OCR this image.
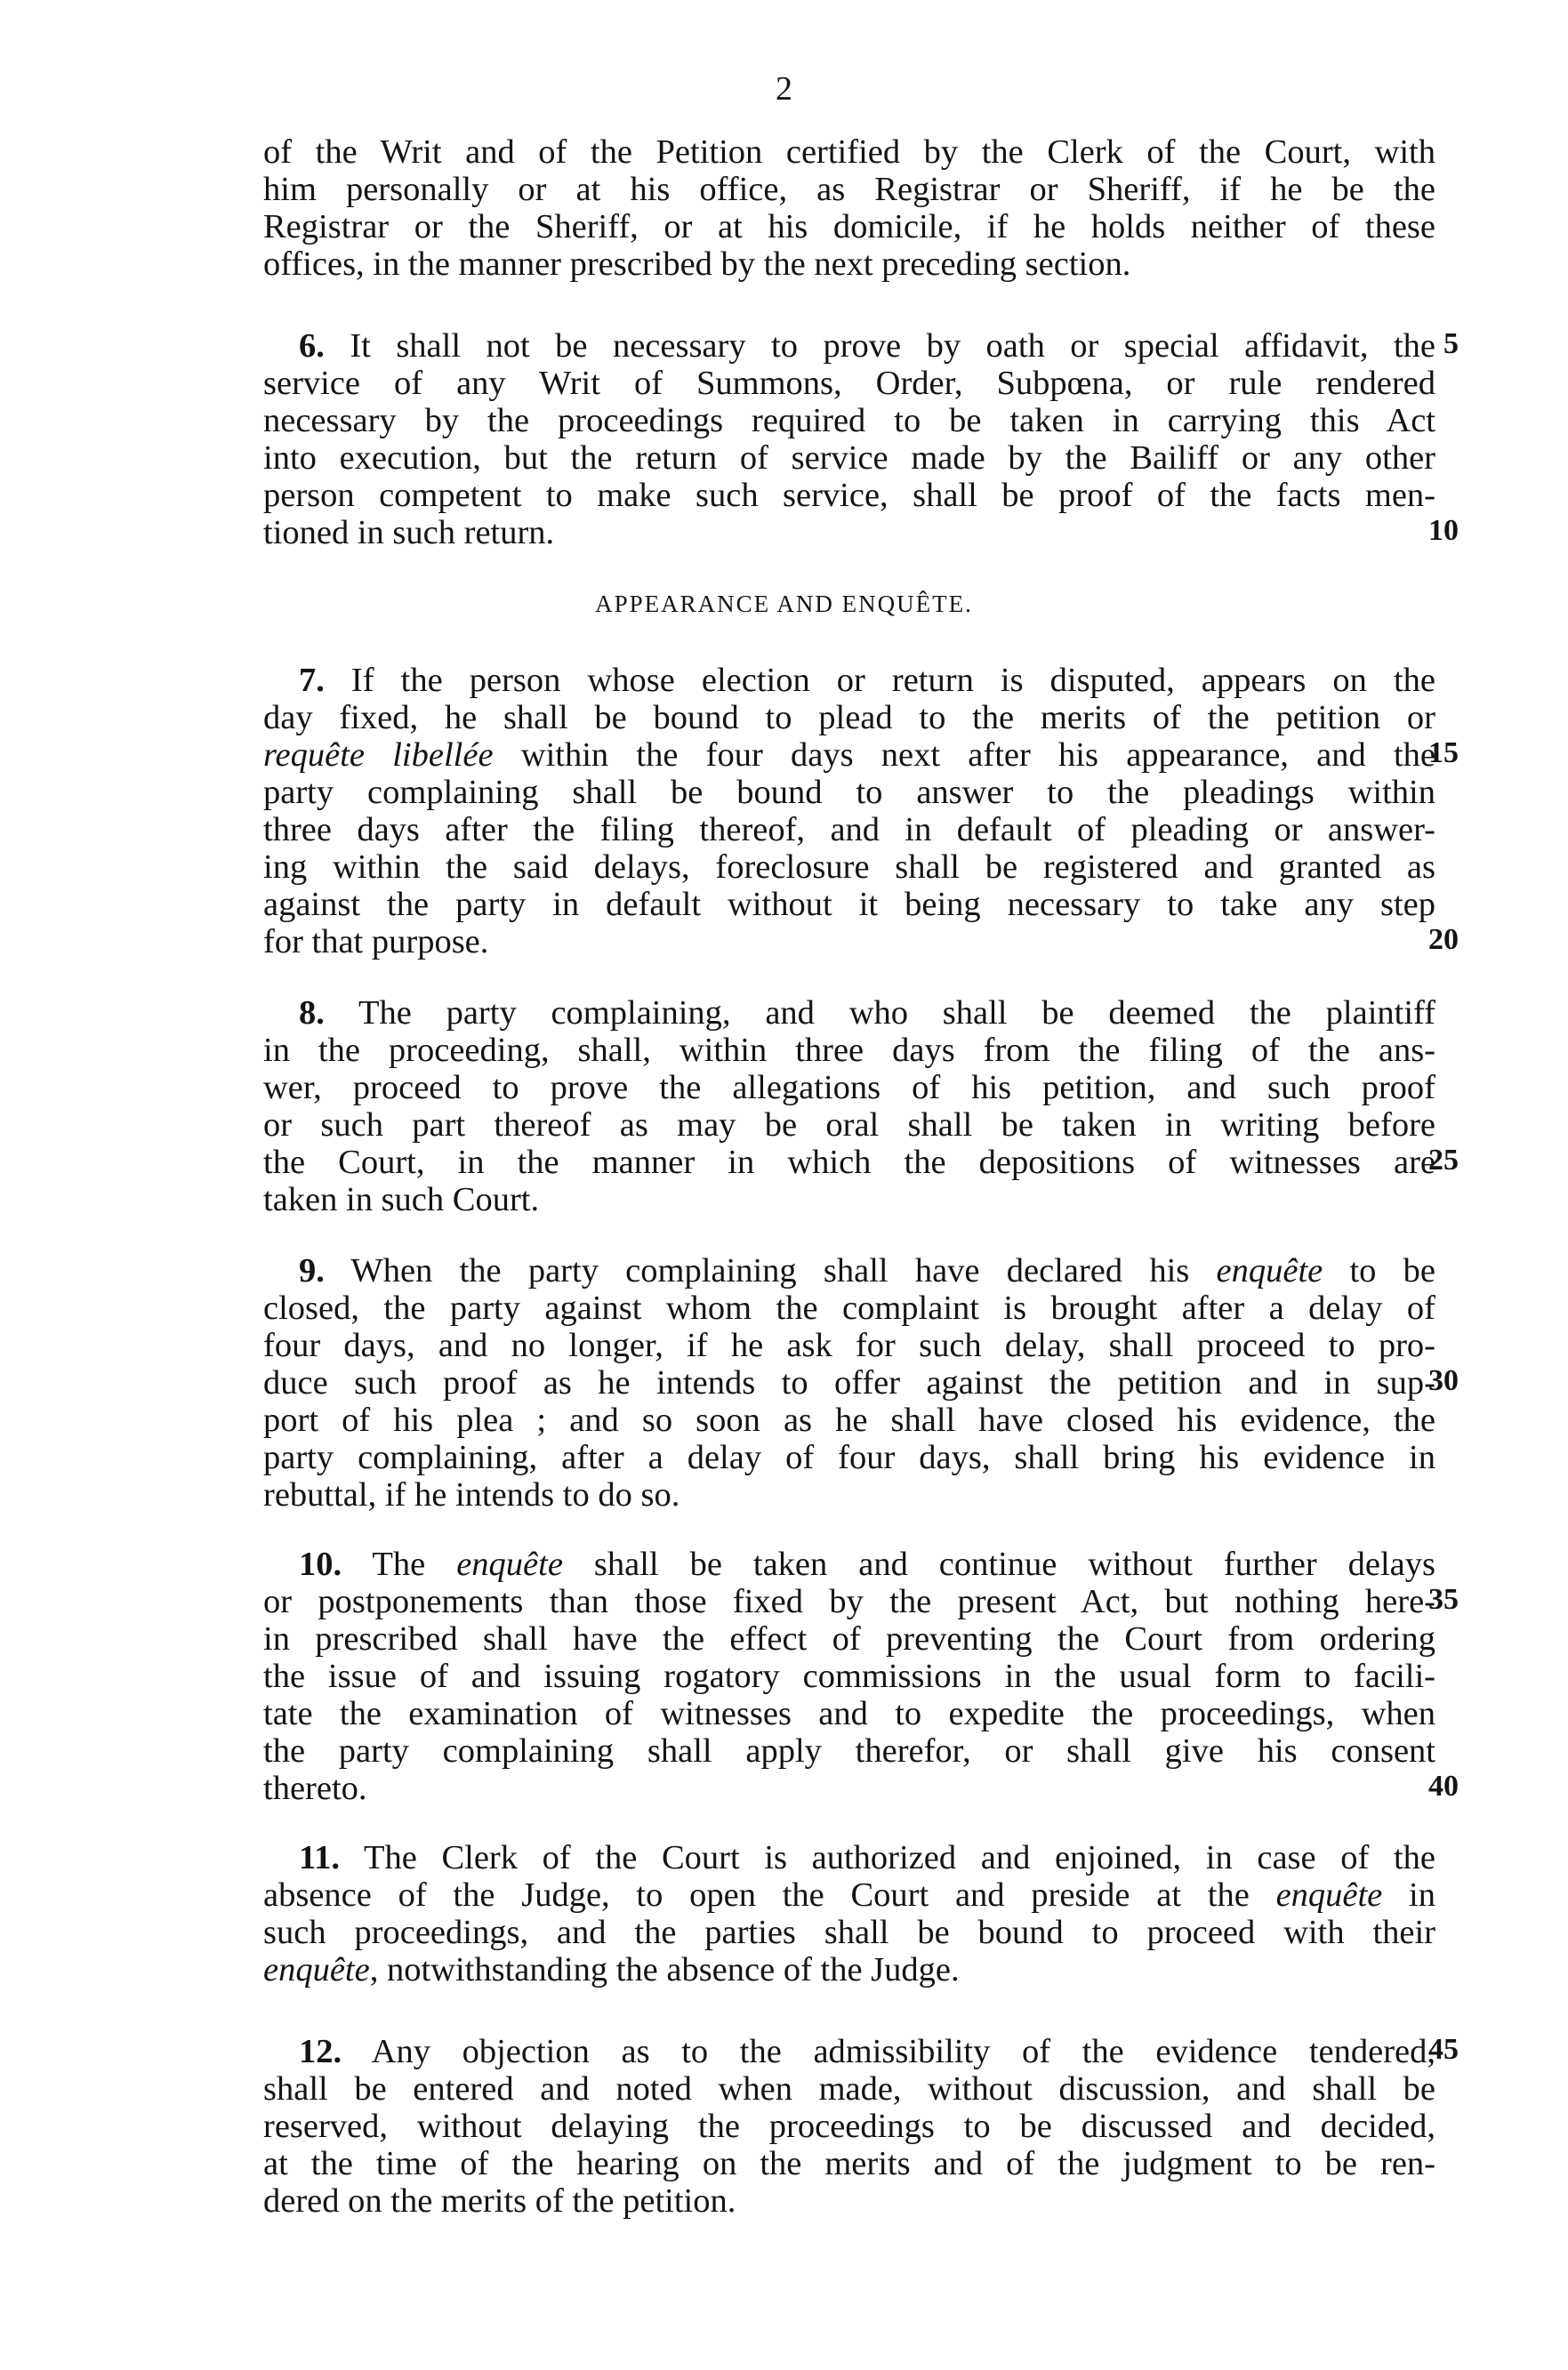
2
of the Writ and of the Petition certified by the Clerk of the Court, with
him personally or at his office, as Registrar or Sheriff, if he be the
Registrar or the Sheriff, or at his domicile, if he holds neither of these
offices, in the manner prescribed by the next preceding section.
6. It shall not be necessary to prove by oath or special affidavit, the
service of any Writ of Summons, Order, Subpœna, or rule rendered
necessary by the proceedings required to be taken in carrying this Act
into execution, but the return of service made by the Bailiff or any other
person competent to make such service, shall be proof of the facts men-
tioned in such return.
APPEARANCE AND ENQUÊTE.
7. If the person whose election or return is disputed, appears on the
day fixed, he shall be bound to plead to the merits of the petition or
requête libellée within the four days next after his appearance, and the
party complaining shall be bound to answer to the pleadings within
three days after the filing thereof, and in default of pleading or answer-
ing within the said delays, foreclosure shall be registered and granted as
against the party in default without it being necessary to take any step
for that purpose.
8. The party complaining, and who shall be deemed the plaintiff
in the proceeding, shall, within three days from the filing of the ans-
wer, proceed to prove the allegations of his petition, and such proof
or such part thereof as may be oral shall be taken in writing before
the Court, in the manner in which the depositions of witnesses are
taken in such Court.
9. When the party complaining shall have declared his enquête to be
closed, the party against whom the complaint is brought after a delay of
four days, and no longer, if he ask for such delay, shall proceed to pro-
duce such proof as he intends to offer against the petition and in sup-
port of his plea ; and so soon as he shall have closed his evidence, the
party complaining, after a delay of four days, shall bring his evidence in
rebuttal, if he intends to do so.
10. The enquête shall be taken and continue without further delays
or postponements than those fixed by the present Act, but nothing here-
in prescribed shall have the effect of preventing the Court from ordering
the issue of and issuing rogatory commissions in the usual form to facili-
tate the examination of witnesses and to expedite the proceedings, when
the party complaining shall apply therefor, or shall give his consent
thereto.
11. The Clerk of the Court is authorized and enjoined, in case of the
absence of the Judge, to open the Court and preside at the enquête in
such proceedings, and the parties shall be bound to proceed with their
enquête, notwithstanding the absence of the Judge.
12. Any objection as to the admissibility of the evidence tendered,
shall be entered and noted when made, without discussion, and shall be
reserved, without delaying the proceedings to be discussed and decided,
at the time of the hearing on the merits and of the judgment to be ren-
dered on the merits of the petition.
5
10
15
20
25
30
35
40
45
